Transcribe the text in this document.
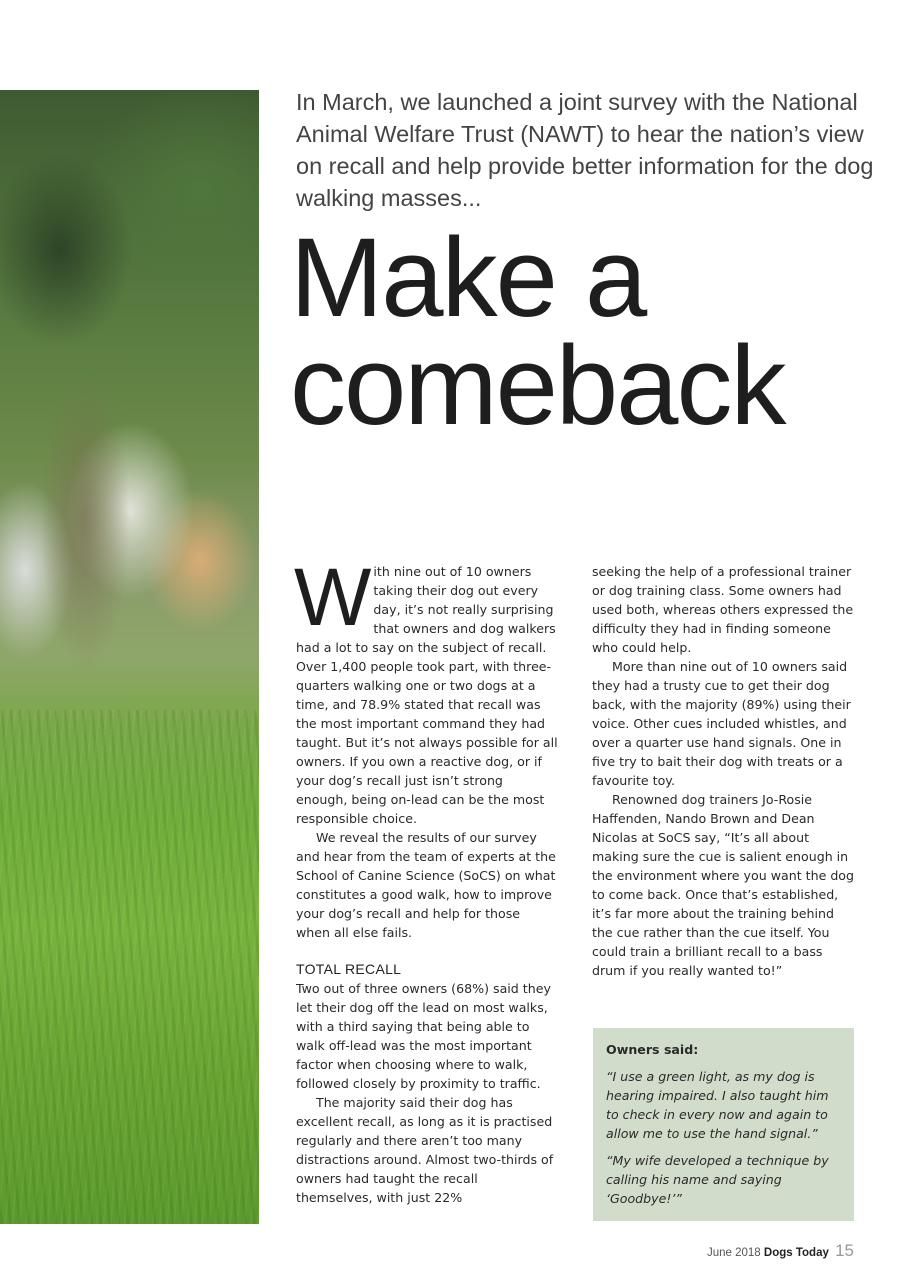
In March, we launched a joint survey with the National Animal Welfare Trust (NAWT) to hear the nation’s view on recall and help provide better information for the dog walking masses...

Make a comeback

With nine out of 10 owners taking their dog out every day, it’s not really surprising that owners and dog walkers had a lot to say on the subject of recall. Over 1,400 people took part, with three-quarters walking one or two dogs at a time, and 78.9% stated that recall was the most important command they had taught. But it’s not always possible for all owners. If you own a reactive dog, or if your dog’s recall just isn’t strong enough, being on-lead can be the most responsible choice.

We reveal the results of our survey and hear from the team of experts at the School of Canine Science (SoCS) on what constitutes a good walk, how to improve your dog’s recall and help for those when all else fails.

TOTAL RECALL

Two out of three owners (68%) said they let their dog off the lead on most walks, with a third saying that being able to walk off-lead was the most important factor when choosing where to walk, followed closely by proximity to traffic.

The majority said their dog has excellent recall, as long as it is practised regularly and there aren’t too many distractions around. Almost two-thirds of owners had taught the recall themselves, with just 22%

seeking the help of a professional trainer or dog training class. Some owners had used both, whereas others expressed the difficulty they had in finding someone who could help.

More than nine out of 10 owners said they had a trusty cue to get their dog back, with the majority (89%) using their voice. Other cues included whistles, and over a quarter use hand signals. One in five try to bait their dog with treats or a favourite toy.

Renowned dog trainers Jo-Rosie Haffenden, Nando Brown and Dean Nicolas at SoCS say, “It’s all about making sure the cue is salient enough in the environment where you want the dog to come back. Once that’s established, it’s far more about the training behind the cue rather than the cue itself. You could train a brilliant recall to a bass drum if you really wanted to!”

Owners said:

“I use a green light, as my dog is hearing impaired. I also taught him to check in every now and again to allow me to use the hand signal.”

“My wife developed a technique by calling his name and saying ‘Goodbye!’”

June 2018 Dogs Today 15
